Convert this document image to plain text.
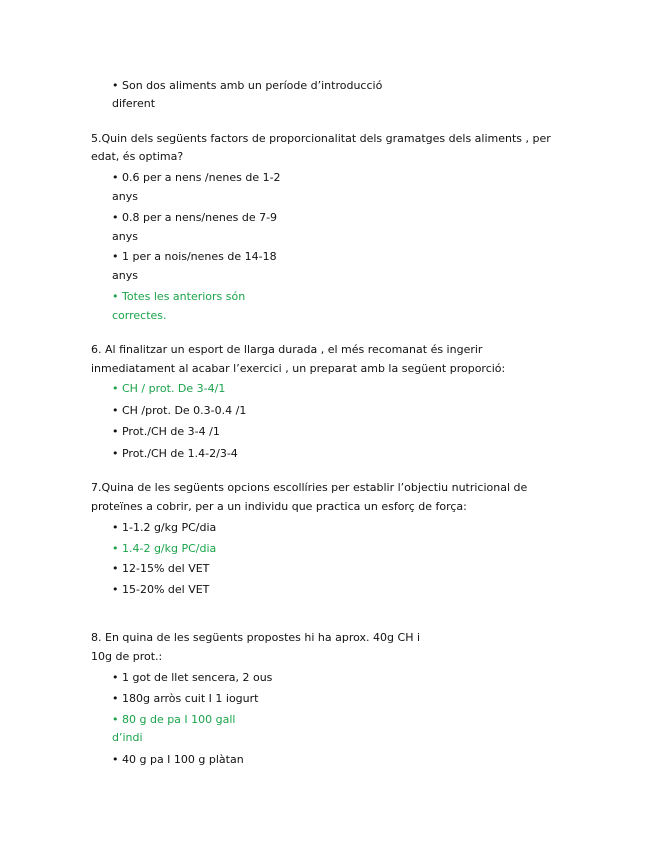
• Son dos aliments amb un període d’introducció
diferent
5.Quin dels següents factors de proporcionalitat dels gramatges dels aliments , per
edat, és optima?
• 0.6 per a nens /nenes de 1-2
anys
• 0.8 per a nens/nenes de 7-9
anys
• 1 per a nois/nenes de 14-18
anys
• Totes les anteriors són
correctes.
6. Al finalitzar un esport de llarga durada , el més recomanat és ingerir
inmediatament al acabar l’exercici , un preparat amb la següent proporció:
• CH / prot. De 3-4/1
• CH /prot. De 0.3-0.4 /1
• Prot./CH de 3-4 /1
• Prot./CH de 1.4-2/3-4
7.Quina de les següents opcions escollíries per establir l’objectiu nutricional de
proteïnes a cobrir, per a un individu que practica un esforç de força:
• 1-1.2 g/kg PC/dia
• 1.4-2 g/kg PC/dia
• 12-15% del VET
• 15-20% del VET
8. En quina de les següents propostes hi ha aprox. 40g CH i
10g de prot.:
• 1 got de llet sencera, 2 ous
• 180g arròs cuit I 1 iogurt
• 80 g de pa I 100 gall
d’indi
• 40 g pa I 100 g plàtan
